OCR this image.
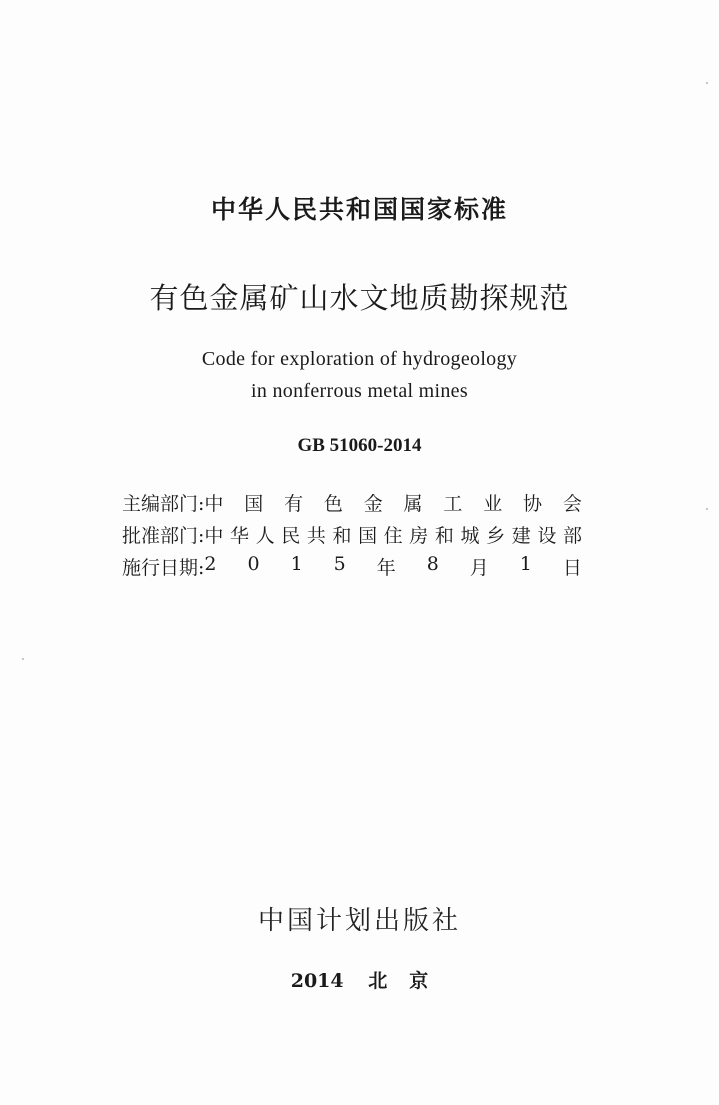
中华人民共和国国家标准
有色金属矿山水文地质勘探规范
Code for exploration of hydrogeology
in nonferrous metal mines
GB 51060-2014
主编部门: 中 国 有 色 金 属 工 业 协 会
批准部门: 中 华 人 民 共 和 国 住 房 和 城 乡 建 设 部
施行日期: 2 0 1 5 年 8 月 1 日
中国计划出版社
2014 北京
